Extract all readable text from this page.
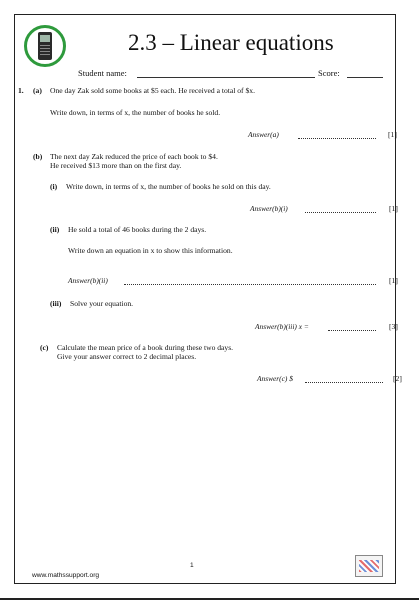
2.3 – Linear equations
Student name:	Score:
1. (a) One day Zak sold some books at $5 each. He received a total of $x.
Write down, in terms of x, the number of books he sold.
Answer(a)	[1]
(b) The next day Zak reduced the price of each book to $4.
He received $13 more than on the first day.
(i) Write down, in terms of x, the number of books he sold on this day.
Answer(b)(i)	[1]
(ii) He sold a total of 46 books during the 2 days.
Write down an equation in x to show this information.
Answer(b)(ii)	[1]
(iii) Solve your equation.
Answer(b)(iii) x =	[3]
(c) Calculate the mean price of a book during these two days.
Give your answer correct to 2 decimal places.
Answer(c) $	[2]
1
www.mathssupport.org
